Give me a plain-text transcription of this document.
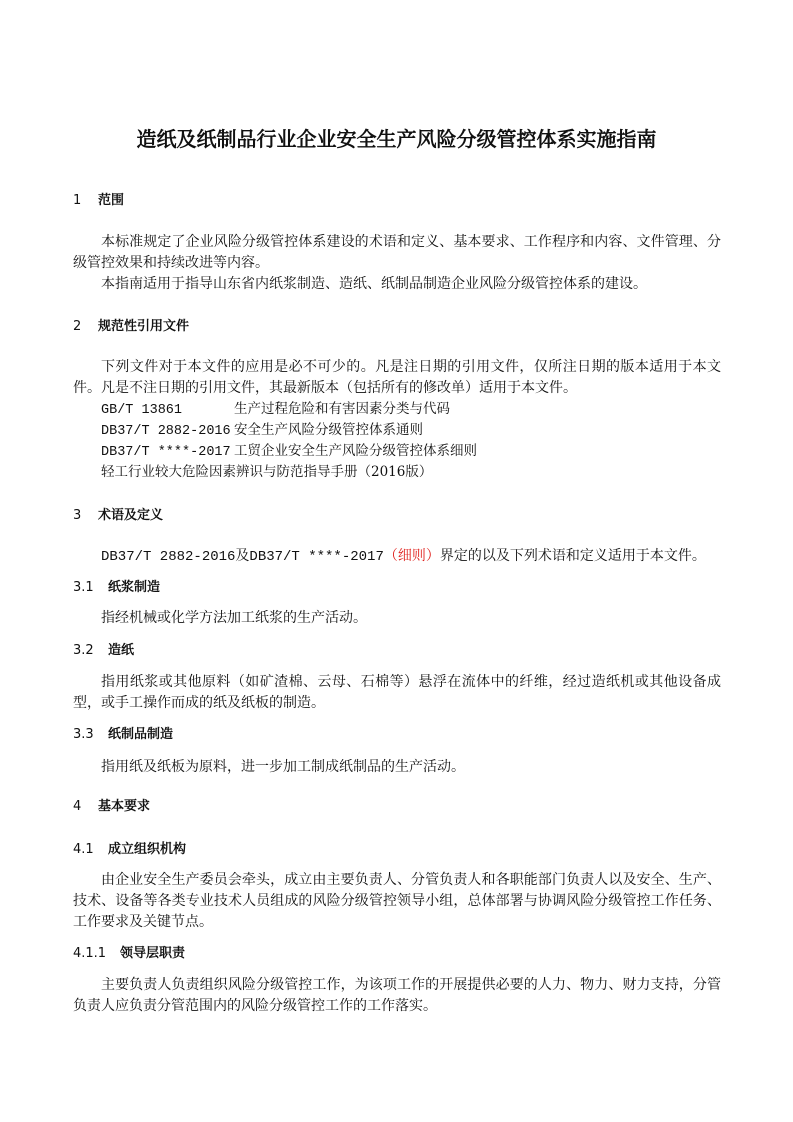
造纸及纸制品行业企业安全生产风险分级管控体系实施指南
1 范围
本标准规定了企业风险分级管控体系建设的术语和定义、基本要求、工作程序和内容、文件管理、分级管控效果和持续改进等内容。
本指南适用于指导山东省内纸浆制造、造纸、纸制品制造企业风险分级管控体系的建设。
2 规范性引用文件
下列文件对于本文件的应用是必不可少的。凡是注日期的引用文件，仅所注日期的版本适用于本文件。凡是不注日期的引用文件，其最新版本（包括所有的修改单）适用于本文件。
GB/T 13861	生产过程危险和有害因素分类与代码
DB37/T 2882-2016 安全生产风险分级管控体系通则
DB37/T ****-2017 工贸企业安全生产风险分级管控体系细则
轻工行业较大危险因素辨识与防范指导手册（2016版）
3 术语及定义
DB37/T 2882-2016及DB37/T ****-2017（细则）界定的以及下列术语和定义适用于本文件。
3.1 纸浆制造
指经机械或化学方法加工纸浆的生产活动。
3.2 造纸
指用纸浆或其他原料（如矿渣棉、云母、石棉等）悬浮在流体中的纤维，经过造纸机或其他设备成型，或手工操作而成的纸及纸板的制造。
3.3 纸制品制造
指用纸及纸板为原料，进一步加工制成纸制品的生产活动。
4 基本要求
4.1 成立组织机构
由企业安全生产委员会牵头，成立由主要负责人、分管负责人和各职能部门负责人以及安全、生产、技术、设备等各类专业技术人员组成的风险分级管控领导小组，总体部署与协调风险分级管控工作任务、工作要求及关键节点。
4.1.1 领导层职责
主要负责人负责组织风险分级管控工作，为该项工作的开展提供必要的人力、物力、财力支持，分管负责人应负责分管范围内的风险分级管控工作的工作落实。
